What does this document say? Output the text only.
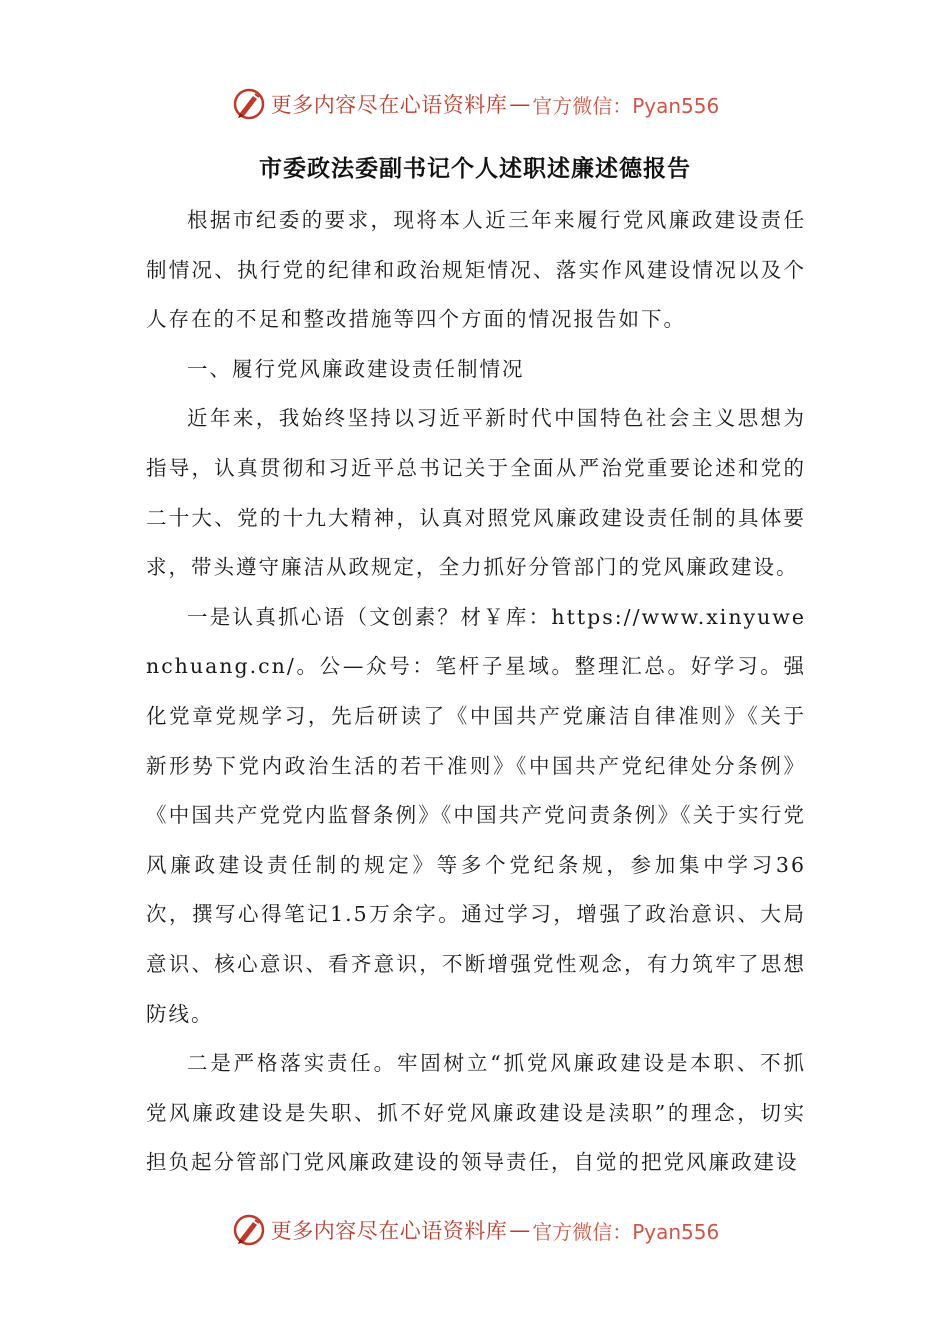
更多内容尽在心语资料库 — 官方微信：Pyan556
市委政法委副书记个人述职述廉述德报告

根据市纪委的要求，现将本人近三年来履行党风廉政建设责任制情况、执行党的纪律和政治规矩情况、落实作风建设情况以及个人存在的不足和整改措施等四个方面的情况报告如下。

一、履行党风廉政建设责任制情况

近年来，我始终坚持以习近平新时代中国特色社会主义思想为指导，认真贯彻和习近平总书记关于全面从严治党重要论述和党的二十大、党的十九大精神，认真对照党风廉政建设责任制的具体要求，带头遵守廉洁从政规定，全力抓好分管部门的党风廉政建设。

一是认真抓心语（文创素？材￥库：https://www.xinyuwenchuang.cn/。公—众号：笔杆子星域。整理汇总。好学习。强化党章党规学习，先后研读了《中国共产党廉洁自律准则》《关于新形势下党内政治生活的若干准则》《中国共产党纪律处分条例》《中国共产党党内监督条例》《中国共产党问责条例》《关于实行党风廉政建设责任制的规定》等多个党纪条规，参加集中学习36次，撰写心得笔记1.5万余字。通过学习，增强了政治意识、大局意识、核心意识、看齐意识，不断增强党性观念，有力筑牢了思想防线。

二是严格落实责任。牢固树立“抓党风廉政建设是本职、不抓党风廉政建设是失职、抓不好党风廉政建设是渎职”的理念，切实担负起分管部门党风廉政建设的领导责任，自觉的把党风廉政建设

更多内容尽在心语资料库 — 官方微信：Pyan556
